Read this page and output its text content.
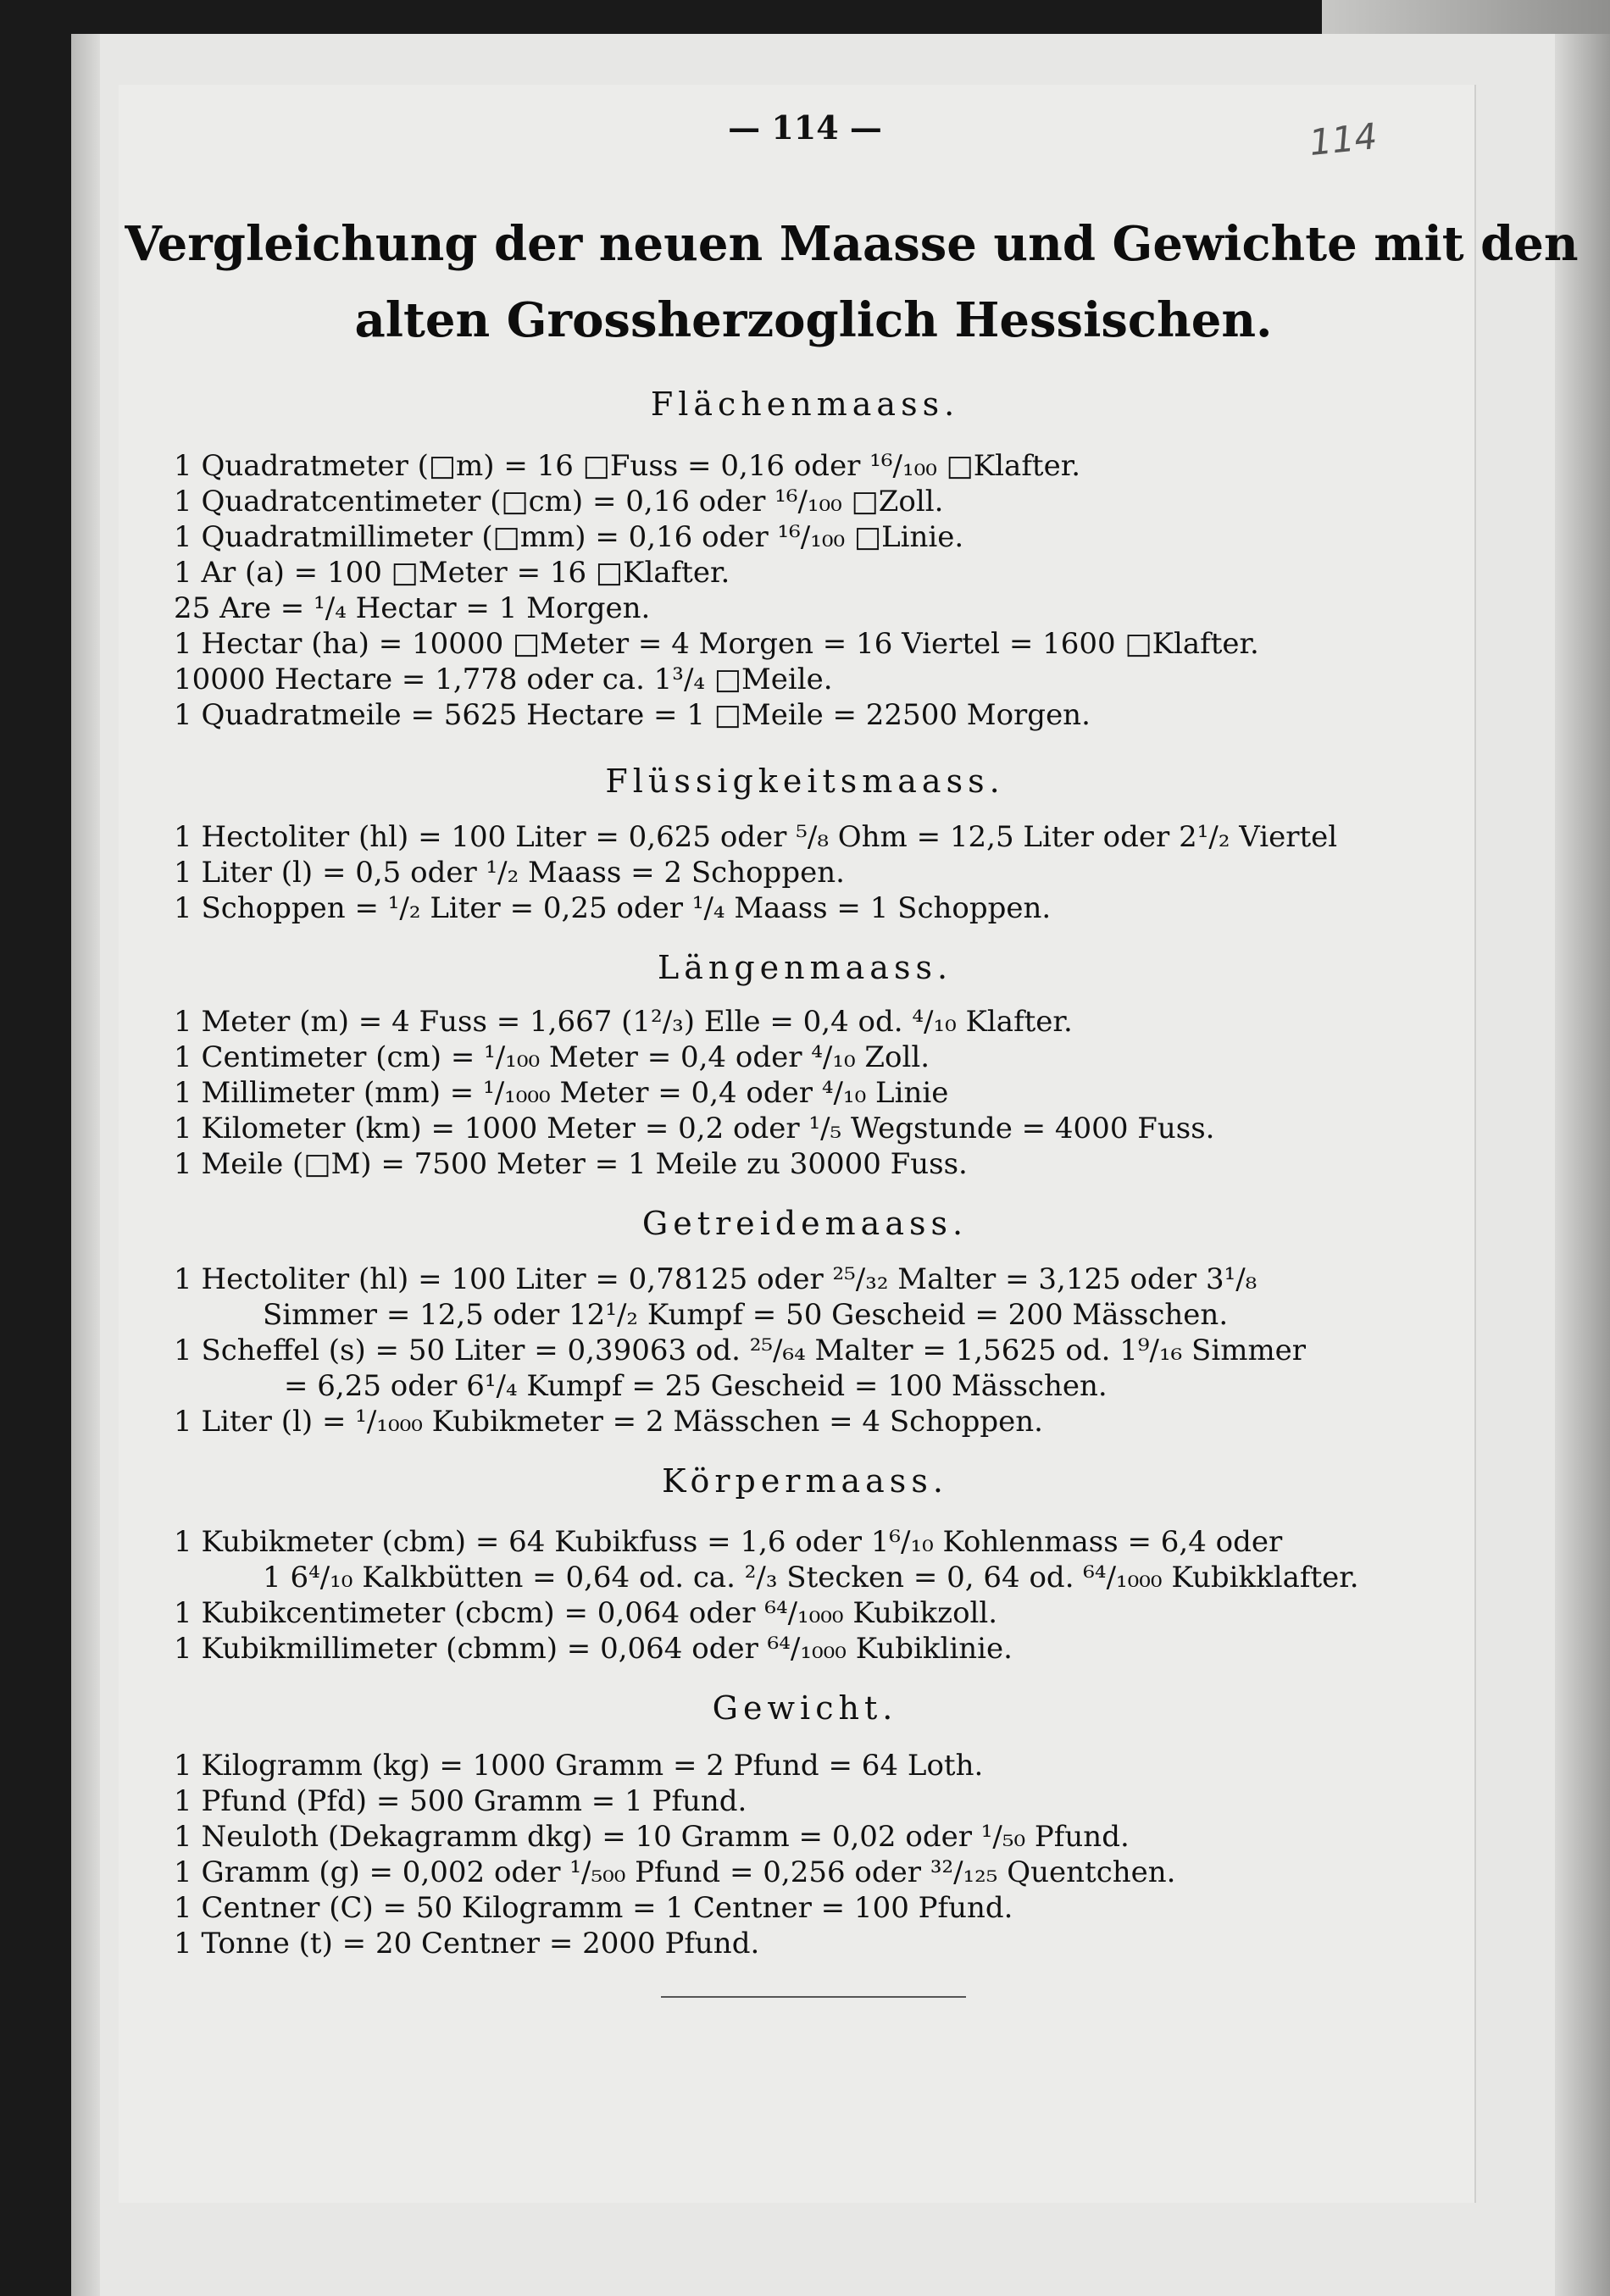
— 114 —	114
Vergleichung der neuen Maasse und Gewichte mit den
alten Grossherzoglich Hessischen.
Flächenmaass.
1 Quadratmeter (□m) = 16 □Fuss = 0,16 oder ¹⁶/₁₀₀ □Klafter.
1 Quadratcentimeter (□cm) = 0,16 oder ¹⁶/₁₀₀ □Zoll.
1 Quadratmillimeter (□mm) = 0,16 oder ¹⁶/₁₀₀ □Linie.
1 Ar (a) = 100 □Meter = 16 □Klafter.
25 Are = ¹/₄ Hectar = 1 Morgen.
1 Hectar (ha) = 10000 □Meter = 4 Morgen = 16 Viertel = 1600 □Klafter.
10000 Hectare = 1,778 oder ca. 1³/₄ □Meile.
1 Quadratmeile = 5625 Hectare = 1 □Meile = 22500 Morgen.
Flüssigkeitsmaass.
1 Hectoliter (hl) = 100 Liter = 0,625 oder ⁵/₈ Ohm = 12,5 Liter oder 2¹/₂ Viertel
1 Liter (l) = 0,5 oder ¹/₂ Maass = 2 Schoppen.
1 Schoppen = ¹/₂ Liter = 0,25 oder ¹/₄ Maass = 1 Schoppen.
Längenmaass.
1 Meter (m) = 4 Fuss = 1,667 (1²/₃) Elle = 0,4 od. ⁴/₁₀ Klafter.
1 Centimeter (cm) = ¹/₁₀₀ Meter = 0,4 oder ⁴/₁₀ Zoll.
1 Millimeter (mm) = ¹/₁₀₀₀ Meter = 0,4 oder ⁴/₁₀ Linie
1 Kilometer (km) = 1000 Meter = 0,2 oder ¹/₅ Wegstunde = 4000 Fuss.
1 Meile (□M) = 7500 Meter = 1 Meile zu 30000 Fuss.
Getreidemaass.
1 Hectoliter (hl) = 100 Liter = 0,78125 oder ²⁵/₃₂ Malter = 3,125 oder 3¹/₈
Simmer = 12,5 oder 12¹/₂ Kumpf = 50 Gescheid = 200 Mässchen.
1 Scheffel (s) = 50 Liter = 0,39063 od. ²⁵/₆₄ Malter = 1,5625 od. 1⁹/₁₆ Simmer
= 6,25 oder 6¹/₄ Kumpf = 25 Gescheid = 100 Mässchen.
1 Liter (l) = ¹/₁₀₀₀ Kubikmeter = 2 Mässchen = 4 Schoppen.
Körpermaass.
1 Kubikmeter (cbm) = 64 Kubikfuss = 1,6 oder 1⁶/₁₀ Kohlenmass = 6,4 oder
1 6⁴/₁₀ Kalkbütten = 0,64 od. ca. ²/₃ Stecken = 0, 64 od. ⁶⁴/₁₀₀₀ Kubikklafter.
1 Kubikcentimeter (cbcm) = 0,064 oder ⁶⁴/₁₀₀₀ Kubikzoll.
1 Kubikmillimeter (cbmm) = 0,064 oder ⁶⁴/₁₀₀₀ Kubiklinie.
Gewicht.
1 Kilogramm (kg) = 1000 Gramm = 2 Pfund = 64 Loth.
1 Pfund (Pfd) = 500 Gramm = 1 Pfund.
1 Neuloth (Dekagramm dkg) = 10 Gramm = 0,02 oder ¹/₅₀ Pfund.
1 Gramm (g) = 0,002 oder ¹/₅₀₀ Pfund = 0,256 oder ³²/₁₂₅ Quentchen.
1 Centner (C) = 50 Kilogramm = 1 Centner = 100 Pfund.
1 Tonne (t) = 20 Centner = 2000 Pfund.
